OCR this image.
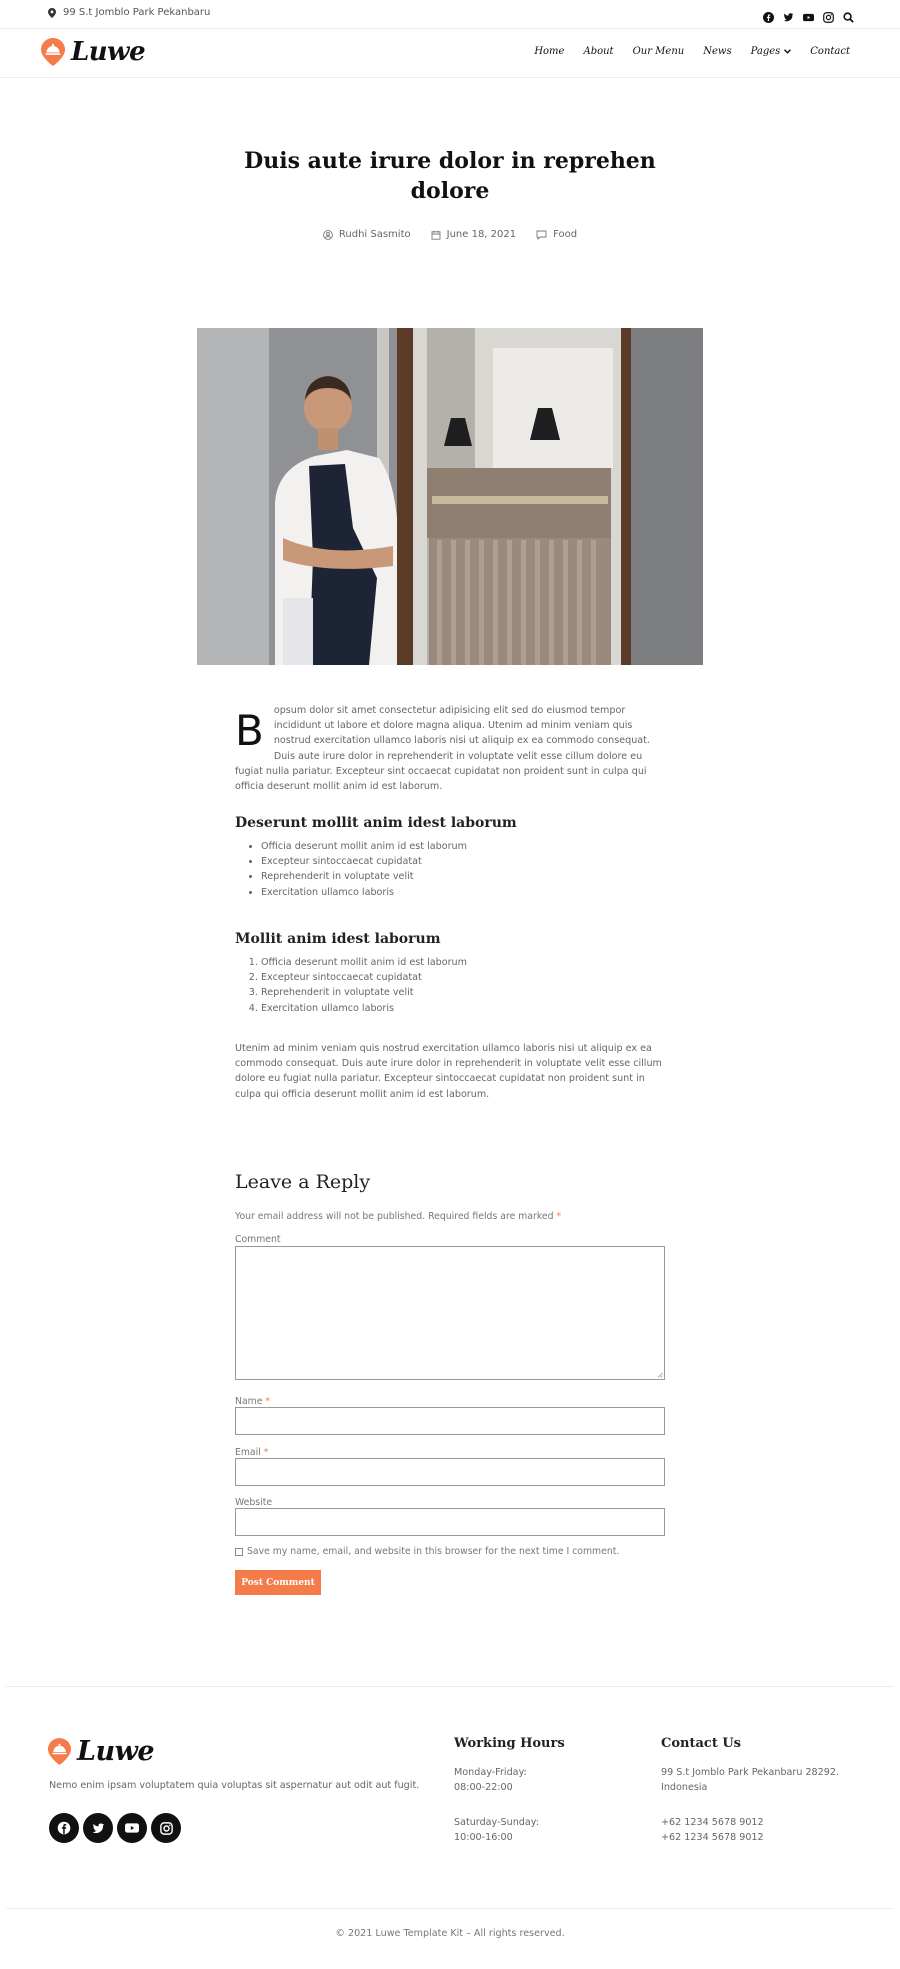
99 S.t Jomblo Park Pekanbaru
Luwe	Home About Our Menu News Pages	Contact
Duis aute irure dolor in reprehen dolore
Rudhi Sasmito	June 18, 2021	Food

B opsum dolor sit amet consectetur adipisicing elit sed do eiusmod tempor incididunt ut labore et dolore magna aliqua. Utenim ad minim veniam quis nostrud exercitation ullamco laboris nisi ut aliquip ex ea commodo consequat. Duis aute irure dolor in reprehenderit in voluptate velit esse cillum dolore eu fugiat nulla pariatur. Excepteur sint occaecat cupidatat non proident sunt in culpa qui officia deserunt mollit anim id est laborum.

Deserunt mollit anim idest laborum
• Officia deserunt mollit anim id est laborum
• Excepteur sintoccaecat cupidatat
• Reprehenderit in voluptate velit
• Exercitation ullamco laboris
Mollit anim idest laborum
1. Officia deserunt mollit anim id est laborum
2. Excepteur sintoccaecat cupidatat
3. Reprehenderit in voluptate velit
4. Exercitation ullamco laboris

Utenim ad minim veniam quis nostrud exercitation ullamco laboris nisi ut aliquip ex ea commodo consequat. Duis aute irure dolor in reprehenderit in voluptate velit esse cillum dolore eu fugiat nulla pariatur. Excepteur sintoccaecat cupidatat non proident sunt in culpa qui officia deserunt mollit anim id est laborum.

Leave a Reply
Your email address will not be published. Required fields are marked *
Comment
Name *
Email *
Website
Save my name, email, and website in this browser for the next time I comment.
Post Comment
Luwe
Nemo enim ipsam voluptatem quia voluptas sit aspernatur aut odit aut fugit.
Working Hours
Monday-Friday:
08:00-22:00
Saturday-Sunday:
10:00-16:00
Contact Us
99 S.t Jomblo Park Pekanbaru 28292.
Indonesia
+62 1234 5678 9012
+62 1234 5678 9012
© 2021 Luwe Template Kit – All rights reserved.
